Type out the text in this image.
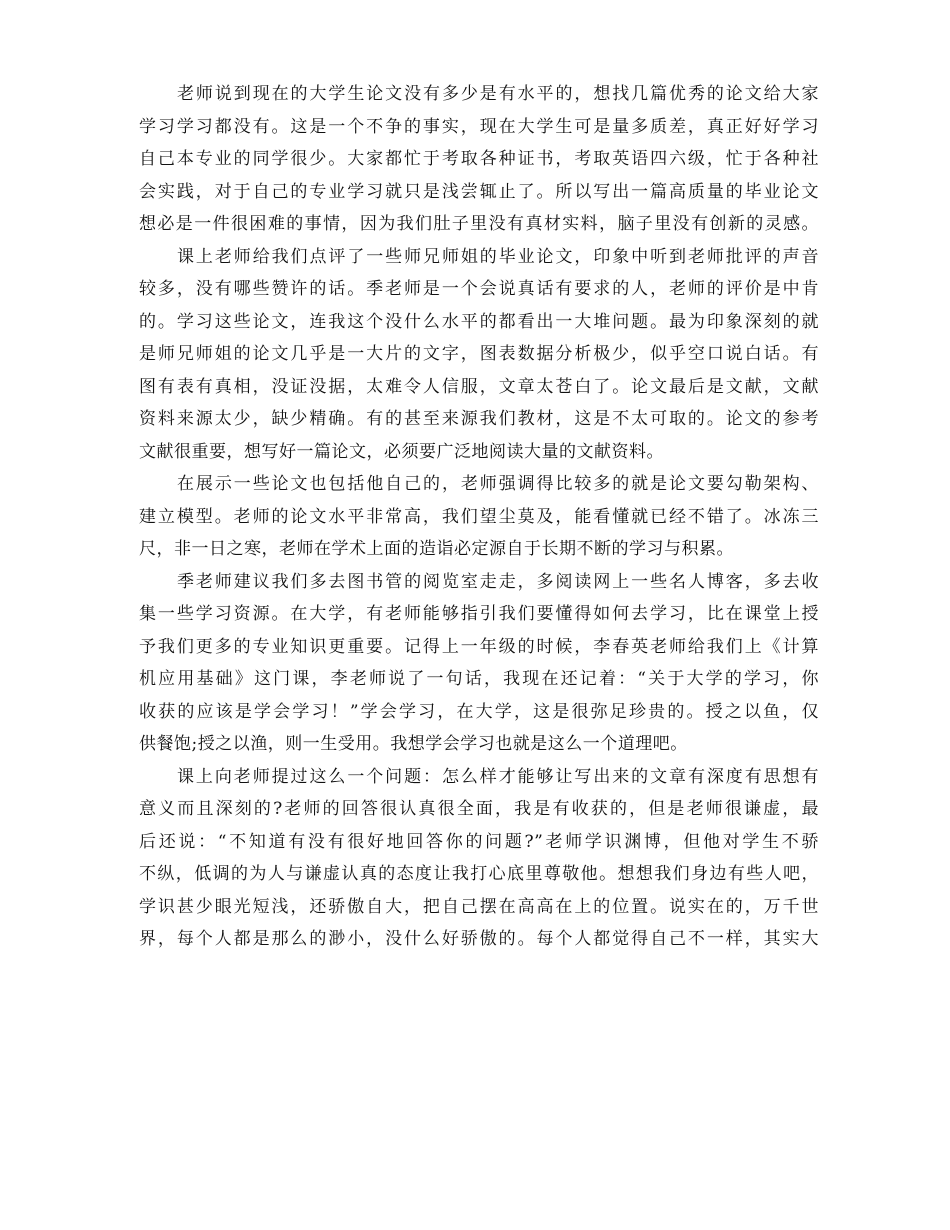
老师说到现在的大学生论文没有多少是有水平的，想找几篇优秀的论文给大家
学习学习都没有。这是一个不争的事实，现在大学生可是量多质差，真正好好学习
自己本专业的同学很少。大家都忙于考取各种证书，考取英语四六级，忙于各种社
会实践，对于自己的专业学习就只是浅尝辄止了。所以写出一篇高质量的毕业论文
想必是一件很困难的事情，因为我们肚子里没有真材实料，脑子里没有创新的灵感。
课上老师给我们点评了一些师兄师姐的毕业论文，印象中听到老师批评的声音
较多，没有哪些赞许的话。季老师是一个会说真话有要求的人，老师的评价是中肯
的。学习这些论文，连我这个没什么水平的都看出一大堆问题。最为印象深刻的就
是师兄师姐的论文几乎是一大片的文字，图表数据分析极少，似乎空口说白话。有
图有表有真相，没证没据，太难令人信服，文章太苍白了。论文最后是文献，文献
资料来源太少，缺少精确。有的甚至来源我们教材，这是不太可取的。论文的参考
文献很重要，想写好一篇论文，必须要广泛地阅读大量的文献资料。
在展示一些论文也包括他自己的，老师强调得比较多的就是论文要勾勒架构、
建立模型。老师的论文水平非常高，我们望尘莫及，能看懂就已经不错了。冰冻三
尺，非一日之寒，老师在学术上面的造诣必定源自于长期不断的学习与积累。
季老师建议我们多去图书管的阅览室走走，多阅读网上一些名人博客，多去收
集一些学习资源。在大学，有老师能够指引我们要懂得如何去学习，比在课堂上授
予我们更多的专业知识更重要。记得上一年级的时候，李春英老师给我们上《计算
机应用基础》这门课，李老师说了一句话，我现在还记着：“关于大学的学习，你
收获的应该是学会学习！”学会学习，在大学，这是很弥足珍贵的。授之以鱼，仅
供餐饱;授之以渔，则一生受用。我想学会学习也就是这么一个道理吧。
课上向老师提过这么一个问题：怎么样才能够让写出来的文章有深度有思想有
意义而且深刻的?老师的回答很认真很全面，我是有收获的，但是老师很谦虚，最
后还说：“不知道有没有很好地回答你的问题?”老师学识渊博，但他对学生不骄
不纵，低调的为人与谦虚认真的态度让我打心底里尊敬他。想想我们身边有些人吧，
学识甚少眼光短浅，还骄傲自大，把自己摆在高高在上的位置。说实在的，万千世
界，每个人都是那么的渺小，没什么好骄傲的。每个人都觉得自己不一样，其实大
